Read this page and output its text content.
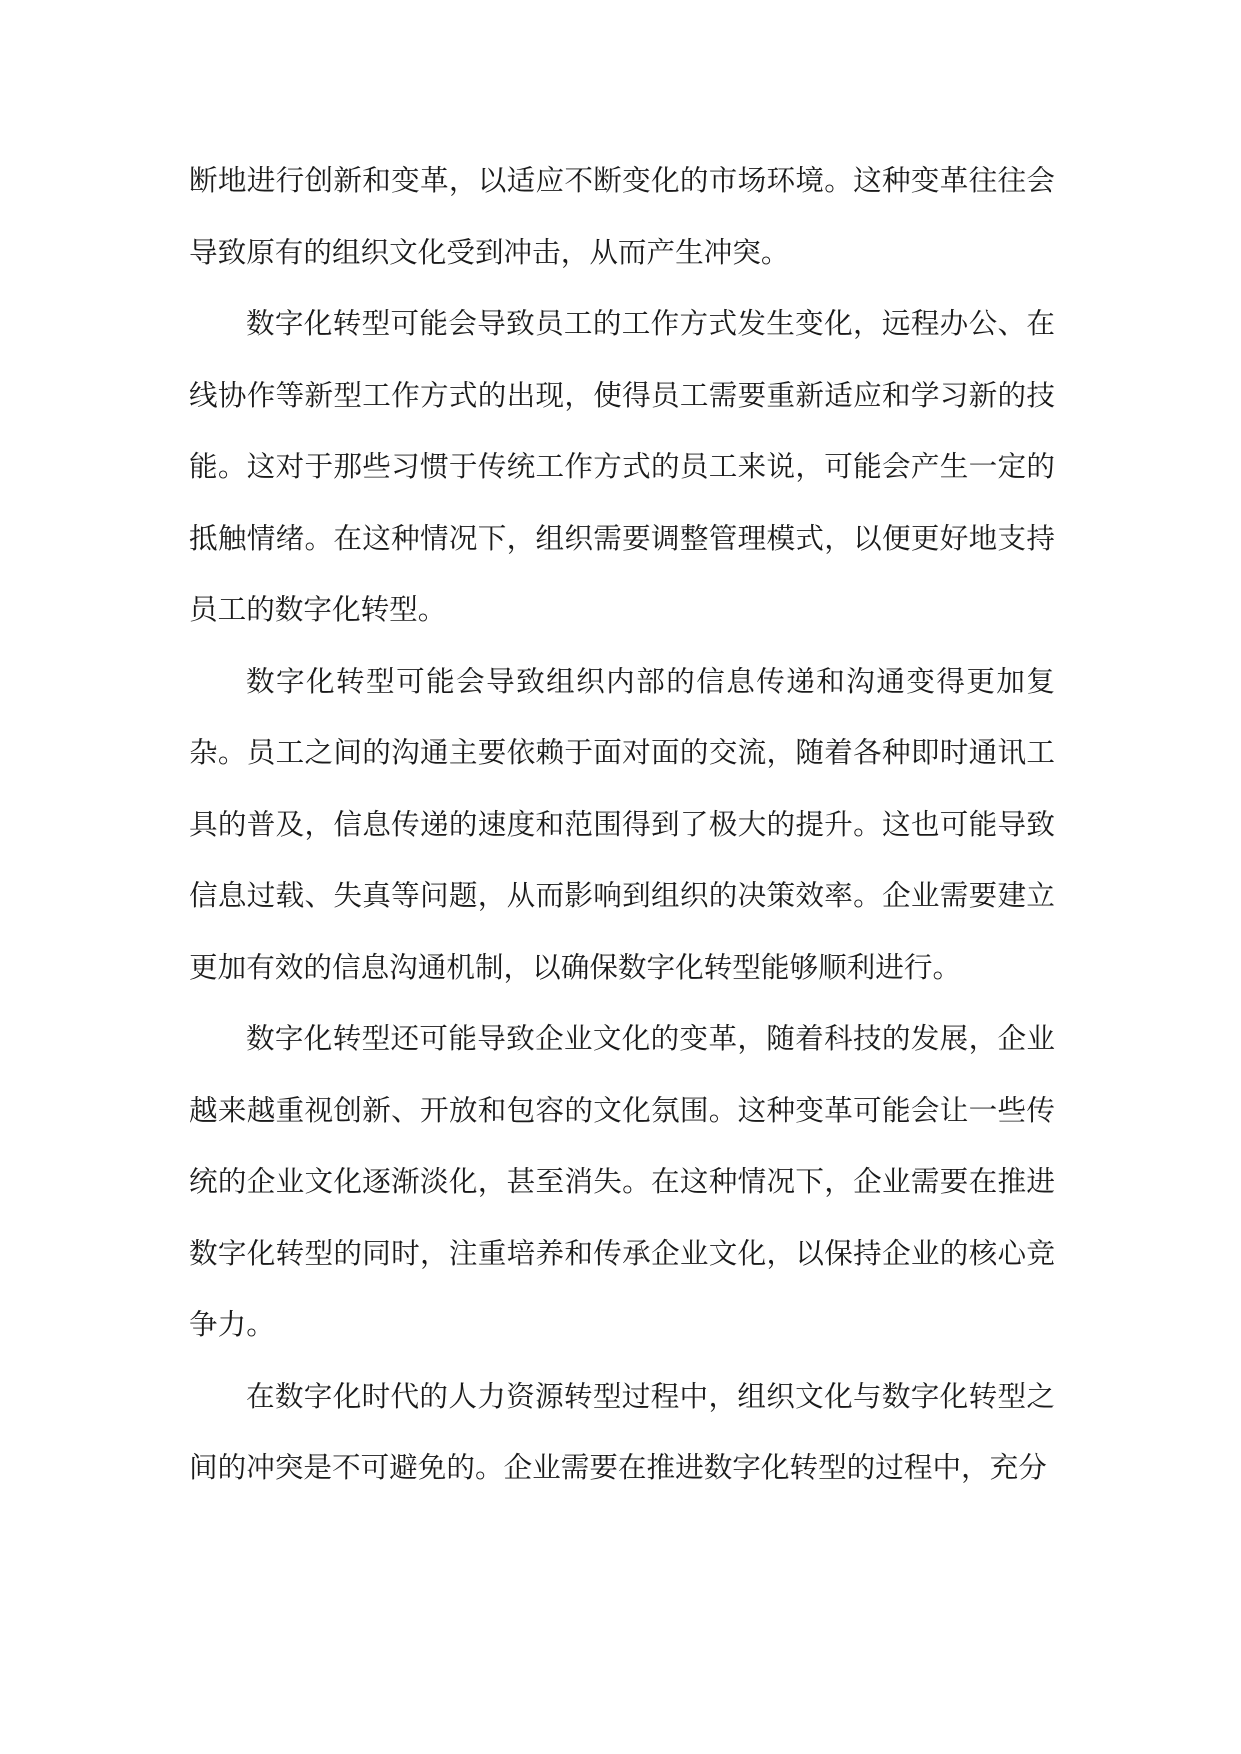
断地进行创新和变革，以适应不断变化的市场环境。这种变革往往会导致原有的组织文化受到冲击，从而产生冲突。

数字化转型可能会导致员工的工作方式发生变化，远程办公、在线协作等新型工作方式的出现，使得员工需要重新适应和学习新的技能。这对于那些习惯于传统工作方式的员工来说，可能会产生一定的抵触情绪。在这种情况下，组织需要调整管理模式，以便更好地支持员工的数字化转型。

数字化转型可能会导致组织内部的信息传递和沟通变得更加复杂。员工之间的沟通主要依赖于面对面的交流，随着各种即时通讯工具的普及，信息传递的速度和范围得到了极大的提升。这也可能导致信息过载、失真等问题，从而影响到组织的决策效率。企业需要建立更加有效的信息沟通机制，以确保数字化转型能够顺利进行。

数字化转型还可能导致企业文化的变革，随着科技的发展，企业越来越重视创新、开放和包容的文化氛围。这种变革可能会让一些传统的企业文化逐渐淡化，甚至消失。在这种情况下，企业需要在推进数字化转型的同时，注重培养和传承企业文化，以保持企业的核心竞争力。

在数字化时代的人力资源转型过程中，组织文化与数字化转型之间的冲突是不可避免的。企业需要在推进数字化转型的过程中，充分
